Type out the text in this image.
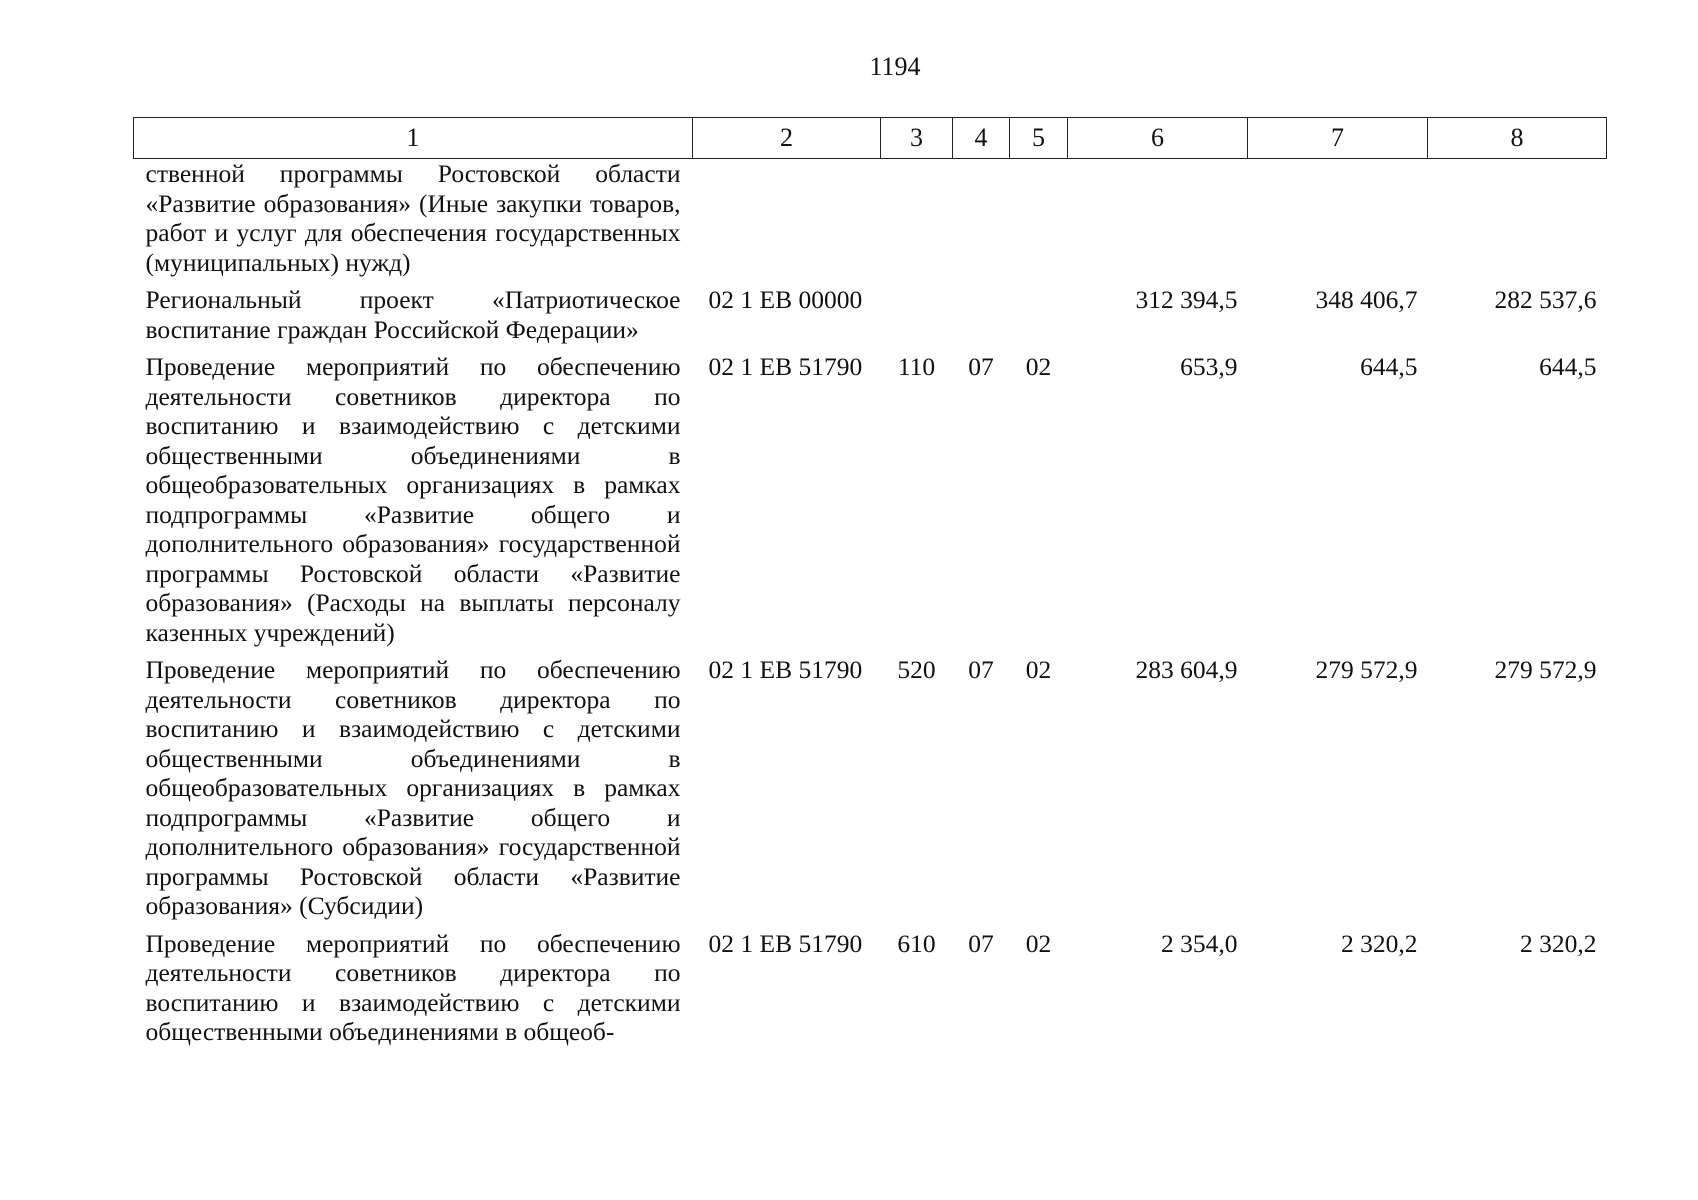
1194
1	2	3	4	5	6	7	8
ственной программы Ростовской области «Развитие образования» (Иные закупки товаров, работ и услуг для обеспечения государственных (муниципальных) нужд)							
Региональный проект «Патриотическое воспитание граждан Российской Федерации»	02 1 EB 00000				312 394,5	348 406,7	282 537,6
Проведение мероприятий по обеспечению деятельности советников директора по воспитанию и взаимодействию с детскими общественными объединениями в общеобразовательных организациях в рамках подпрограммы «Развитие общего и дополнительного образования» государственной программы Ростовской области «Развитие образования» (Расходы на выплаты персоналу казенных учреждений)	02 1 EB 51790	110	07	02	653,9	644,5	644,5
Проведение мероприятий по обеспечению деятельности советников директора по воспитанию и взаимодействию с детскими общественными объединениями в общеобразовательных организациях в рамках подпрограммы «Развитие общего и дополнительного образования» государственной программы Ростовской области «Развитие образования» (Субсидии)	02 1 EB 51790	520	07	02	283 604,9	279 572,9	279 572,9
Проведение мероприятий по обеспечению деятельности советников директора по воспитанию и взаимодействию с детскими общественными объединениями в общеоб-	02 1 EB 51790	610	07	02	2 354,0	2 320,2	2 320,2
